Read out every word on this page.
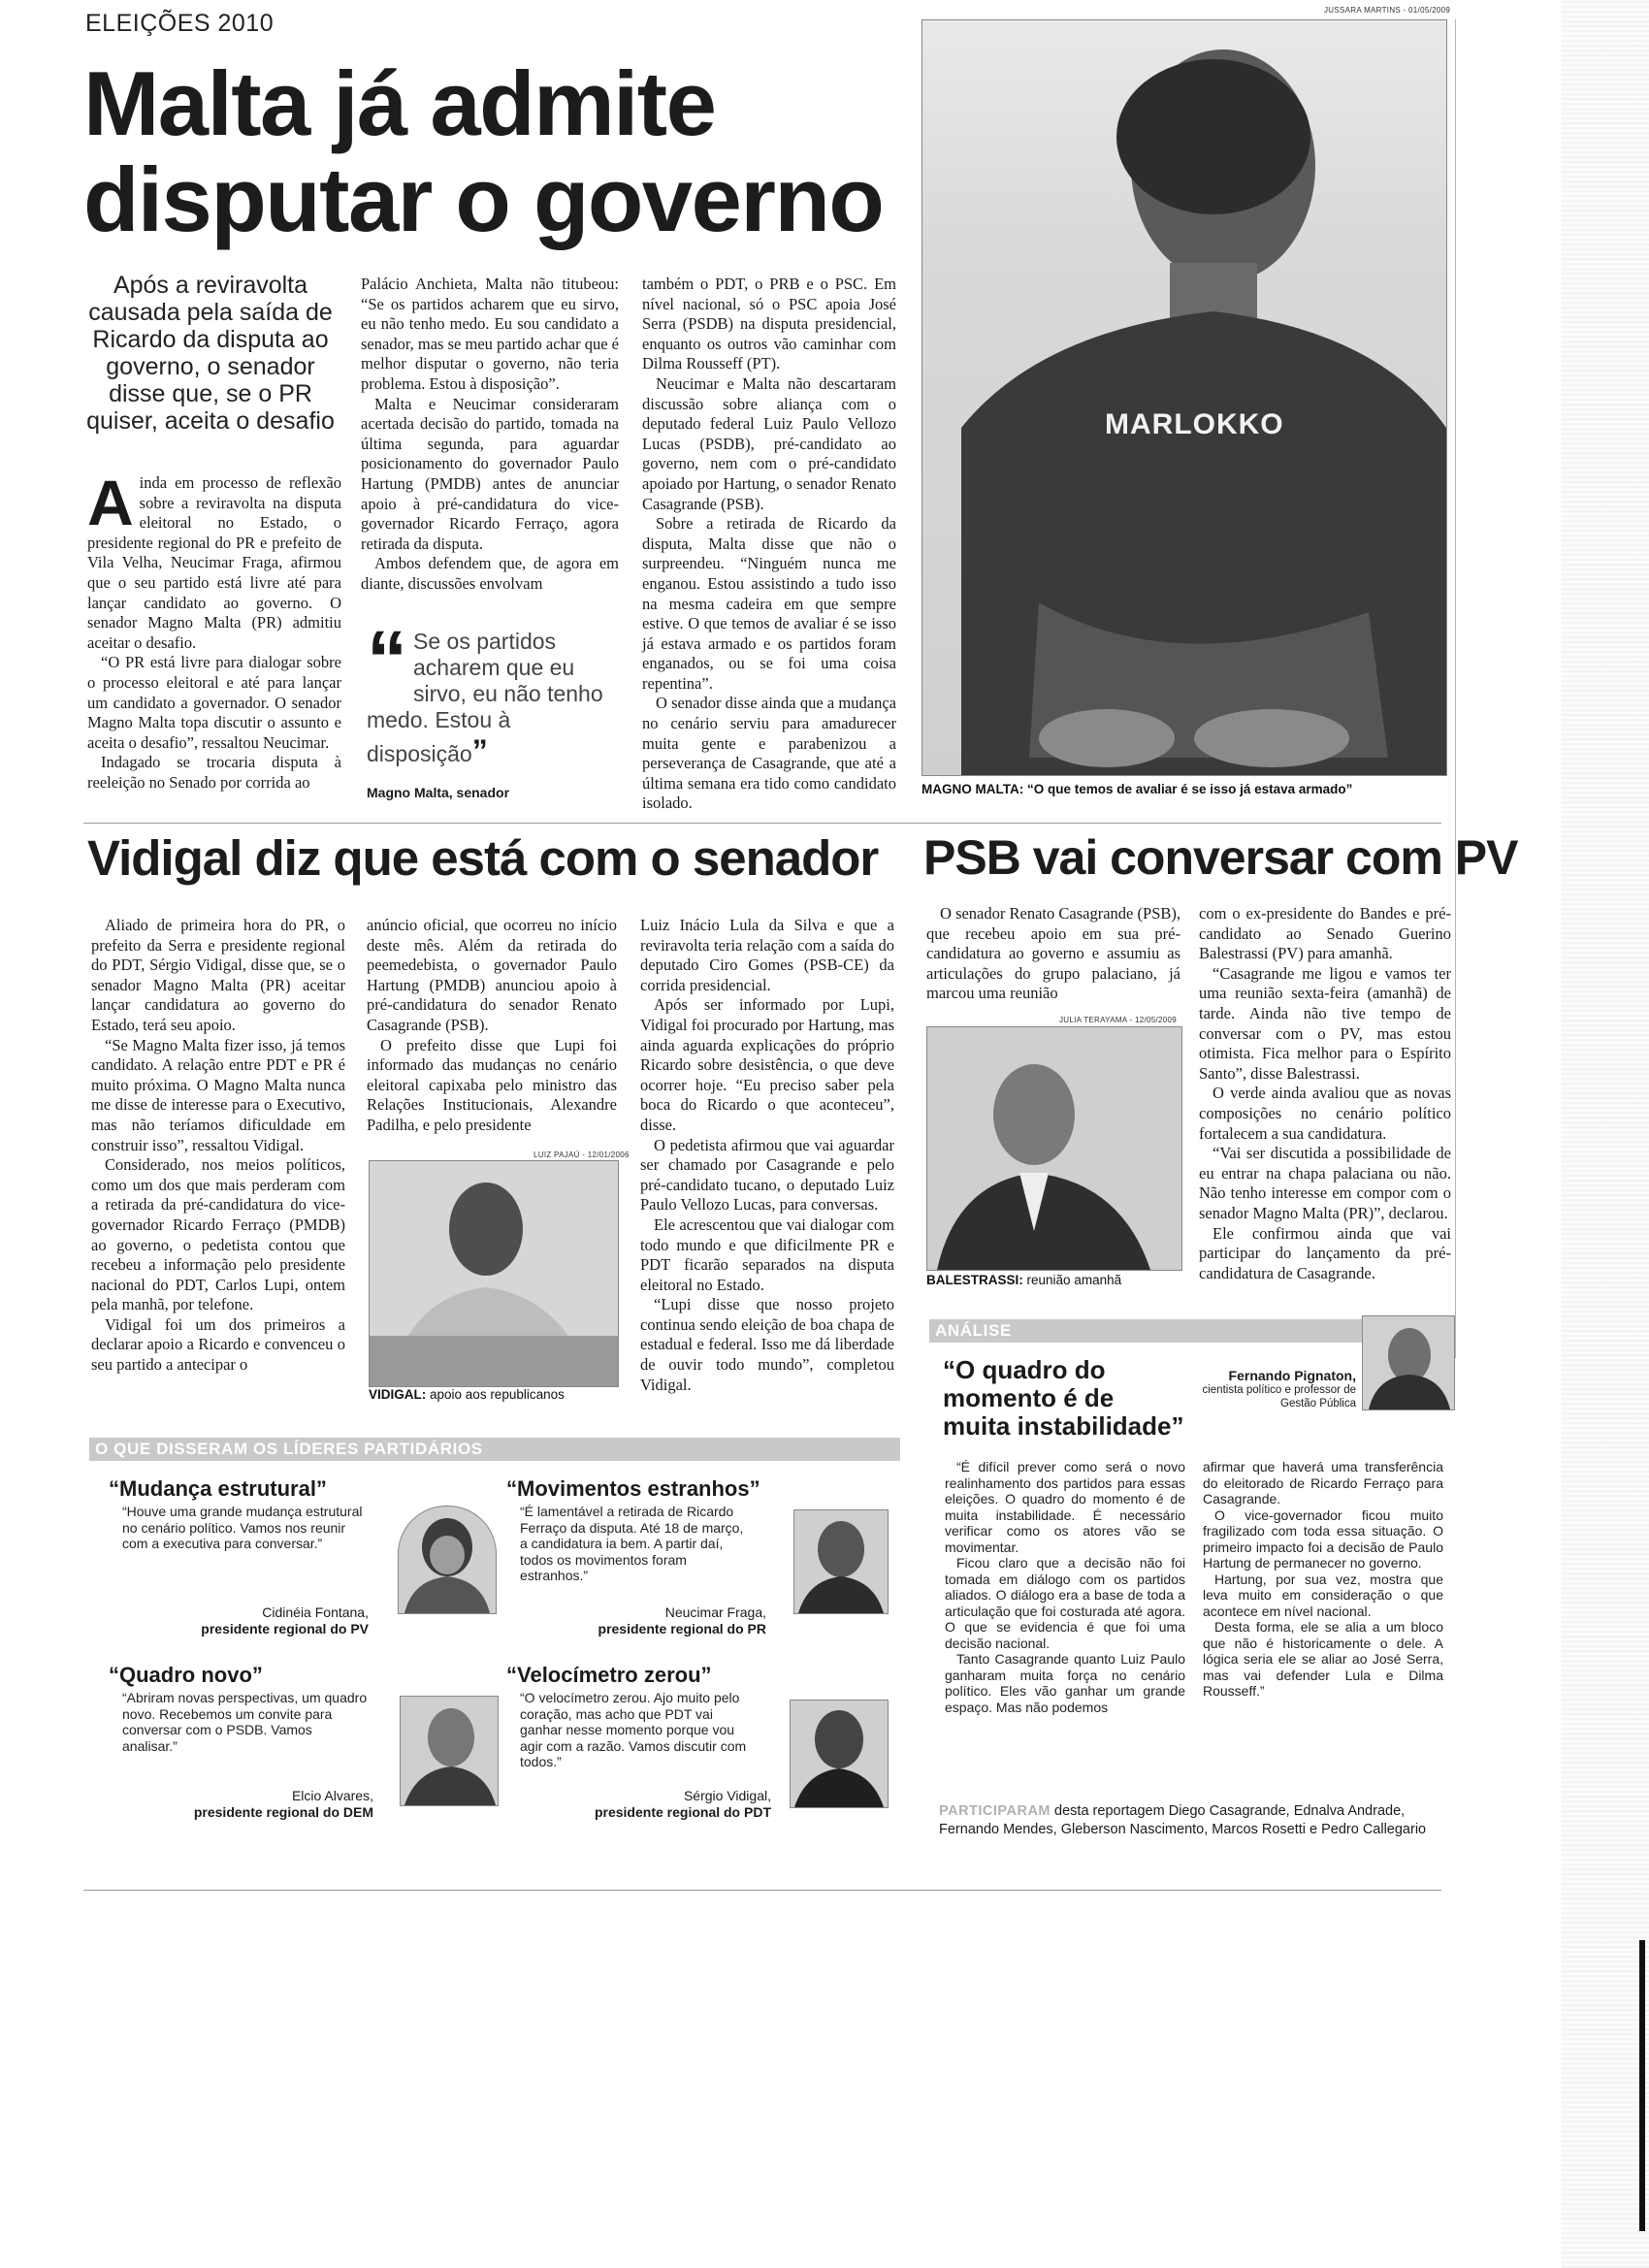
ELEIÇÕES 2010	JUSSARA MARTINS - 01/05/2009
Malta já admite
disputar o governo
Após a reviravolta causada pela saída de Ricardo da disputa ao governo, o senador disse que, se o PR quiser, aceita o desafio

Ainda em processo de reflexão sobre a reviravolta na disputa eleitoral no Estado, o presidente regional do PR e prefeito de Vila Velha, Neucimar Fraga, afirmou que o seu partido está livre até para lançar candidato ao governo. O senador Magno Malta (PR) admitiu aceitar o desafio.

“O PR está livre para dialogar sobre o processo eleitoral e até para lançar um candidato a governador. O senador Magno Malta topa discutir o assunto e aceita o desafio”, ressaltou Neucimar.

Indagado se trocaria disputa à reeleição no Senado por corrida ao

Palácio Anchieta, Malta não titubeou: “Se os partidos acharem que eu sirvo, eu não tenho medo. Eu sou candidato a senador, mas se meu partido achar que é melhor disputar o governo, não teria problema. Estou à disposição”.

Malta e Neucimar consideraram acertada decisão do partido, tomada na última segunda, para aguardar posicionamento do governador Paulo Hartung (PMDB) antes de anunciar apoio à pré-candidatura do vice-governador Ricardo Ferraço, agora retirada da disputa.

Ambos defendem que, de agora em diante, discussões envolvam

“ Se os partidos acharem que eu sirvo, eu não tenho medo. Estou à disposição”
Magno Malta, senador

também o PDT, o PRB e o PSC. Em nível nacional, só o PSC apoia José Serra (PSDB) na disputa presidencial, enquanto os outros vão caminhar com Dilma Rousseff (PT).

Neucimar e Malta não descartaram discussão sobre aliança com o deputado federal Luiz Paulo Vellozo Lucas (PSDB), pré-candidato ao governo, nem com o pré-candidato apoiado por Hartung, o senador Renato Casagrande (PSB).

Sobre a retirada de Ricardo da disputa, Malta disse que não o surpreendeu. “Ninguém nunca me enganou. Estou assistindo a tudo isso na mesma cadeira em que sempre estive. O que temos de avaliar é se isso já estava armado e os partidos foram enganados, ou se foi uma coisa repentina”.

O senador disse ainda que a mudança no cenário serviu para amadurecer muita gente e parabenizou a perseverança de Casagrande, que até a última semana era tido como candidato isolado.

MARLOKKO
MAGNO MALTA: “O que temos de avaliar é se isso já estava armado”
Vidigal diz que está com o senador

Aliado de primeira hora do PR, o prefeito da Serra e presidente regional do PDT, Sérgio Vidigal, disse que, se o senador Magno Malta (PR) aceitar lançar candidatura ao governo do Estado, terá seu apoio.

“Se Magno Malta fizer isso, já temos candidato. A relação entre PDT e PR é muito próxima. O Magno Malta nunca me disse de interesse para o Executivo, mas não teríamos dificuldade em construir isso”, ressaltou Vidigal.

Considerado, nos meios políticos, como um dos que mais perderam com a retirada da pré-candidatura do vice-governador Ricardo Ferraço (PMDB) ao governo, o pedetista contou que recebeu a informação pelo presidente nacional do PDT, Carlos Lupi, ontem pela manhã, por telefone.

Vidigal foi um dos primeiros a declarar apoio a Ricardo e convenceu o seu partido a antecipar o

anúncio oficial, que ocorreu no início deste mês. Além da retirada do peemedebista, o governador Paulo Hartung (PMDB) anunciou apoio à pré-candidatura do senador Renato Casagrande (PSB).

O prefeito disse que Lupi foi informado das mudanças no cenário eleitoral capixaba pelo ministro das Relações Institucionais, Alexandre Padilha, e pelo presidente

LUIZ PAJAÚ - 12/01/2006
VIDIGAL: apoio aos republicanos

Luiz Inácio Lula da Silva e que a reviravolta teria relação com a saída do deputado Ciro Gomes (PSB-CE) da corrida presidencial.

Após ser informado por Lupi, Vidigal foi procurado por Hartung, mas ainda aguarda explicações do próprio Ricardo sobre desistência, o que deve ocorrer hoje. “Eu preciso saber pela boca do Ricardo o que aconteceu”, disse.

O pedetista afirmou que vai aguardar ser chamado por Casagrande e pelo pré-candidato tucano, o deputado Luiz Paulo Vellozo Lucas, para conversas.

Ele acrescentou que vai dialogar com todo mundo e que dificilmente PR e PDT ficarão separados na disputa eleitoral no Estado.

“Lupi disse que nosso projeto continua sendo eleição de boa chapa de estadual e federal. Isso me dá liberdade de ouvir todo mundo”, completou Vidigal.

PSB vai conversar com PV

O senador Renato Casagrande (PSB), que recebeu apoio em sua pré-candidatura ao governo e assumiu as articulações do grupo palaciano, já marcou uma reunião

JULIA TERAYAMA - 12/05/2009
BALESTRASSI: reunião amanhã

com o ex-presidente do Bandes e pré-candidato ao Senado Guerino Balestrassi (PV) para amanhã.

“Casagrande me ligou e vamos ter uma reunião sexta-feira (amanhã) de tarde. Ainda não tive tempo de conversar com o PV, mas estou otimista. Fica melhor para o Espírito Santo”, disse Balestrassi.

O verde ainda avaliou que as novas composições no cenário político fortalecem a sua candidatura.

“Vai ser discutida a possibilidade de eu entrar na chapa palaciana ou não. Não tenho interesse em compor com o senador Magno Malta (PR)”, declarou.

Ele confirmou ainda que vai participar do lançamento da pré-candidatura de Casagrande.

ANÁLISE
“O quadro do momento é de muita instabilidade”
Fernando Pignaton,
cientista político e professor de Gestão Pública

“É difícil prever como será o novo realinhamento dos partidos para essas eleições. O quadro do momento é de muita instabilidade. É necessário verificar como os atores vão se movimentar.

Ficou claro que a decisão não foi tomada em diálogo com os partidos aliados. O diálogo era a base de toda a articulação que foi costurada até agora. O que se evidencia é que foi uma decisão nacional.

Tanto Casagrande quanto Luiz Paulo ganharam muita força no cenário político. Eles vão ganhar um grande espaço. Mas não podemos

afirmar que haverá uma transferência do eleitorado de Ricardo Ferraço para Casagrande.

O vice-governador ficou muito fragilizado com toda essa situação. O primeiro impacto foi a decisão de Paulo Hartung de permanecer no governo.

Hartung, por sua vez, mostra que leva muito em consideração o que acontece em nível nacional.

Desta forma, ele se alia a um bloco que não é historicamente o dele. A lógica seria ele se aliar ao José Serra, mas vai defender Lula e Dilma Rousseff.”

O QUE DISSERAM OS LÍDERES PARTIDÁRIOS
“Mudança estrutural”
“Houve uma grande mudança estrutural no cenário político. Vamos nos reunir com a executiva para conversar.”
Cidinéia Fontana,
presidente regional do PV
“Movimentos estranhos”
“É lamentável a retirada de Ricardo Ferraço da disputa. Até 18 de março, a candidatura ia bem. A partir daí, todos os movimentos foram estranhos.”
Neucimar Fraga,
presidente regional do PR
“Quadro novo”
“Abriram novas perspectivas, um quadro novo. Recebemos um convite para conversar com o PSDB. Vamos analisar.”
Elcio Alvares,
presidente regional do DEM
“Velocímetro zerou”
“O velocímetro zerou. Ajo muito pelo coração, mas acho que PDT vai ganhar nesse momento porque vou agir com a razão. Vamos discutir com todos.”
Sérgio Vidigal,
presidente regional do PDT	PARTICIPARAM desta reportagem Diego Casagrande, Ednalva Andrade, Fernando Mendes, Gleberson Nascimento, Marcos Rosetti e Pedro Callegario
